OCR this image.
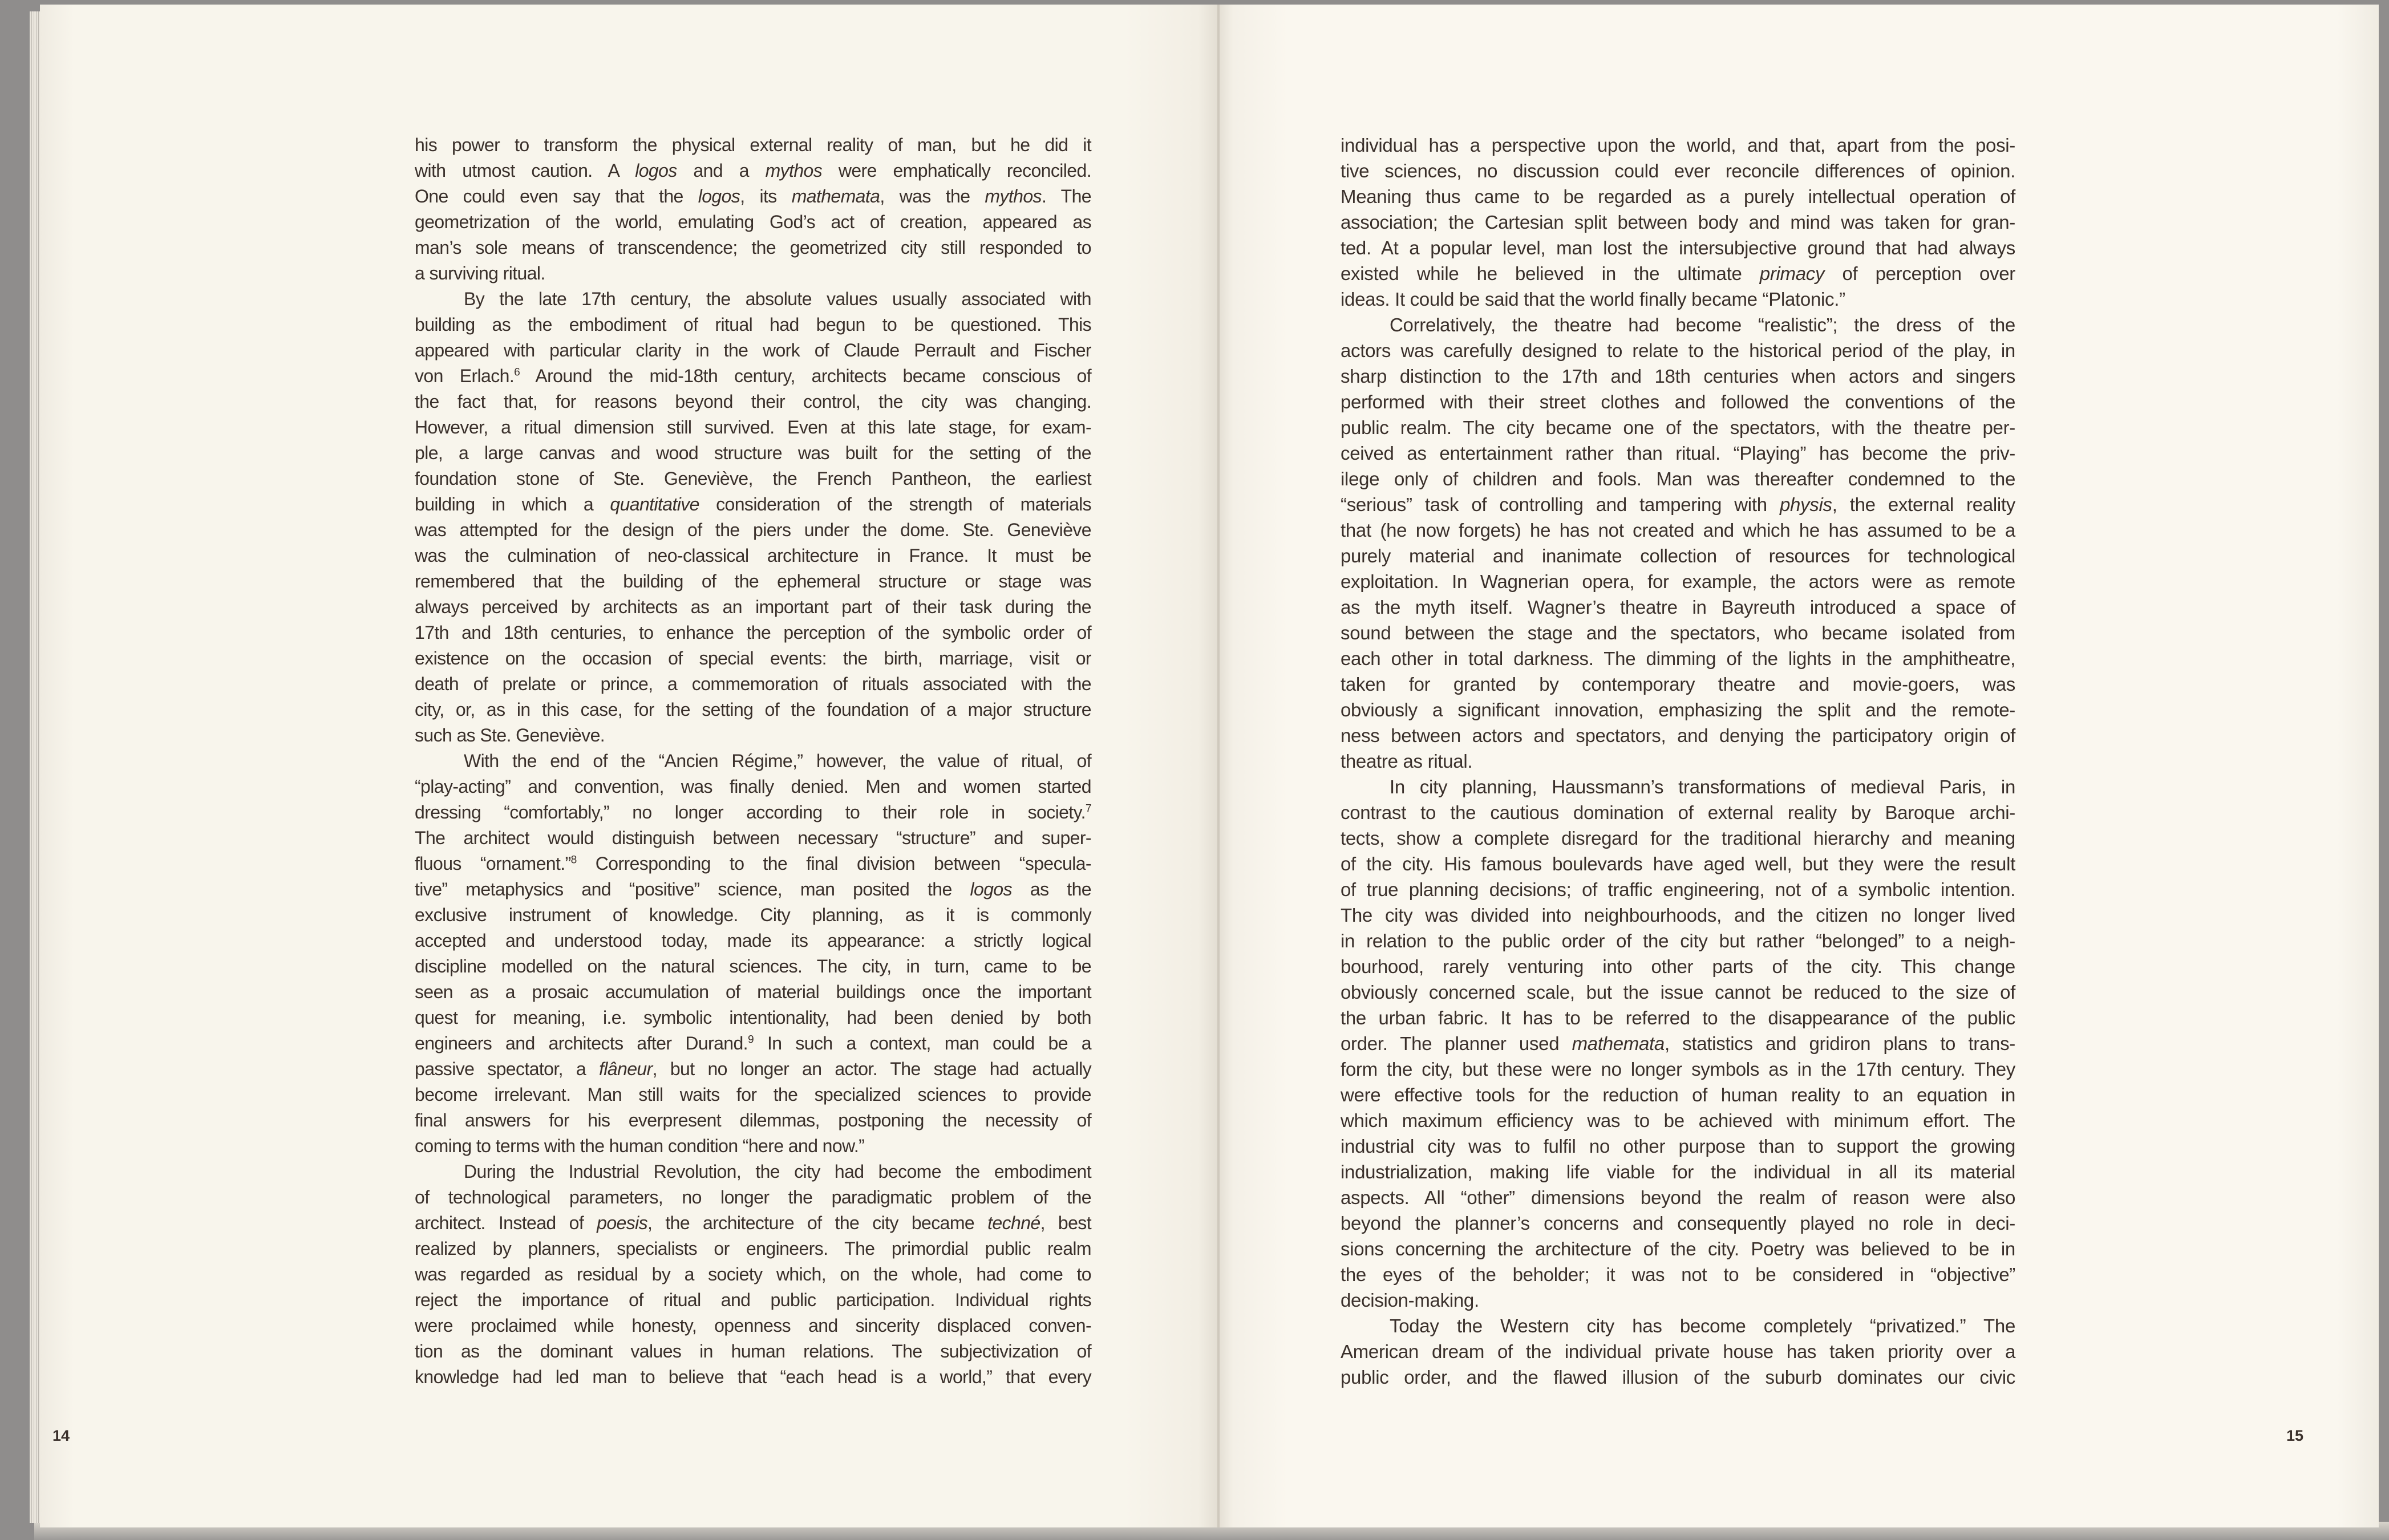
his power to transform the physical external reality of man, but he did it
with utmost caution. A logos and a mythos were emphatically reconciled.
One could even say that the logos, its mathemata, was the mythos. The
geometrization of the world, emulating God’s act of creation, appeared as
man’s sole means of transcendence; the geometrized city still responded to
a surviving ritual.
By the late 17th century, the absolute values usually associated with
building as the embodiment of ritual had begun to be questioned. This
appeared with particular clarity in the work of Claude Perrault and Fischer
von Erlach.$^6$ Around the mid-18th century, architects became conscious of
the fact that, for reasons beyond their control, the city was changing.
However, a ritual dimension still survived. Even at this late stage, for exam-
ple, a large canvas and wood structure was built for the setting of the
foundation stone of Ste. Geneviève, the French Pantheon, the earliest
building in which a quantitative consideration of the strength of materials
was attempted for the design of the piers under the dome. Ste. Geneviève
was the culmination of neo-classical architecture in France. It must be
remembered that the building of the ephemeral structure or stage was
always perceived by architects as an important part of their task during the
17th and 18th centuries, to enhance the perception of the symbolic order of
existence on the occasion of special events: the birth, marriage, visit or
death of prelate or prince, a commemoration of rituals associated with the
city, or, as in this case, for the setting of the foundation of a major structure
such as Ste. Geneviève.
With the end of the “Ancien Régime,” however, the value of ritual, of
“play-acting” and convention, was finally denied. Men and women started
dressing “comfortably,” no longer according to their role in society.$^7$
The architect would distinguish between necessary “structure” and super-
fluous “ornament.”$^8$ Corresponding to the final division between “specula-
tive” metaphysics and “positive” science, man posited the logos as the
exclusive instrument of knowledge. City planning, as it is commonly
accepted and understood today, made its appearance: a strictly logical
discipline modelled on the natural sciences. The city, in turn, came to be
seen as a prosaic accumulation of material buildings once the important
quest for meaning, i.e. symbolic intentionality, had been denied by both
engineers and architects after Durand.$^9$ In such a context, man could be a
passive spectator, a flâneur, but no longer an actor. The stage had actually
become irrelevant. Man still waits for the specialized sciences to provide
final answers for his everpresent dilemmas, postponing the necessity of
coming to terms with the human condition “here and now.”
During the Industrial Revolution, the city had become the embodiment
of technological parameters, no longer the paradigmatic problem of the
architect. Instead of poesis, the architecture of the city became techné, best
realized by planners, specialists or engineers. The primordial public realm
was regarded as residual by a society which, on the whole, had come to
reject the importance of ritual and public participation. Individual rights
were proclaimed while honesty, openness and sincerity displaced conven-
tion as the dominant values in human relations. The subjectivization of
knowledge had led man to believe that “each head is a world,” that every
individual has a perspective upon the world, and that, apart from the posi-
tive sciences, no discussion could ever reconcile differences of opinion.
Meaning thus came to be regarded as a purely intellectual operation of
association; the Cartesian split between body and mind was taken for gran-
ted. At a popular level, man lost the intersubjective ground that had always
existed while he believed in the ultimate primacy of perception over
ideas. It could be said that the world finally became “Platonic.”
Correlatively, the theatre had become “realistic”; the dress of the
actors was carefully designed to relate to the historical period of the play, in
sharp distinction to the 17th and 18th centuries when actors and singers
performed with their street clothes and followed the conventions of the
public realm. The city became one of the spectators, with the theatre per-
ceived as entertainment rather than ritual. “Playing” has become the priv-
ilege only of children and fools. Man was thereafter condemned to the
“serious” task of controlling and tampering with physis, the external reality
that (he now forgets) he has not created and which he has assumed to be a
purely material and inanimate collection of resources for technological
exploitation. In Wagnerian opera, for example, the actors were as remote
as the myth itself. Wagner’s theatre in Bayreuth introduced a space of
sound between the stage and the spectators, who became isolated from
each other in total darkness. The dimming of the lights in the amphitheatre,
taken for granted by contemporary theatre and movie-goers, was
obviously a significant innovation, emphasizing the split and the remote-
ness between actors and spectators, and denying the participatory origin of
theatre as ritual.
In city planning, Haussmann’s transformations of medieval Paris, in
contrast to the cautious domination of external reality by Baroque archi-
tects, show a complete disregard for the traditional hierarchy and meaning
of the city. His famous boulevards have aged well, but they were the result
of true planning decisions; of traffic engineering, not of a symbolic intention.
The city was divided into neighbourhoods, and the citizen no longer lived
in relation to the public order of the city but rather “belonged” to a neigh-
bourhood, rarely venturing into other parts of the city. This change
obviously concerned scale, but the issue cannot be reduced to the size of
the urban fabric. It has to be referred to the disappearance of the public
order. The planner used mathemata, statistics and gridiron plans to trans-
form the city, but these were no longer symbols as in the 17th century. They
were effective tools for the reduction of human reality to an equation in
which maximum efficiency was to be achieved with minimum effort. The
industrial city was to fulfil no other purpose than to support the growing
industrialization, making life viable for the individual in all its material
aspects. All “other” dimensions beyond the realm of reason were also
beyond the planner’s concerns and consequently played no role in deci-
sions concerning the architecture of the city. Poetry was believed to be in
the eyes of the beholder; it was not to be considered in “objective”
decision-making.
Today the Western city has become completely “privatized.” The
American dream of the individual private house has taken priority over a
public order, and the flawed illusion of the suburb dominates our civic
14	15
